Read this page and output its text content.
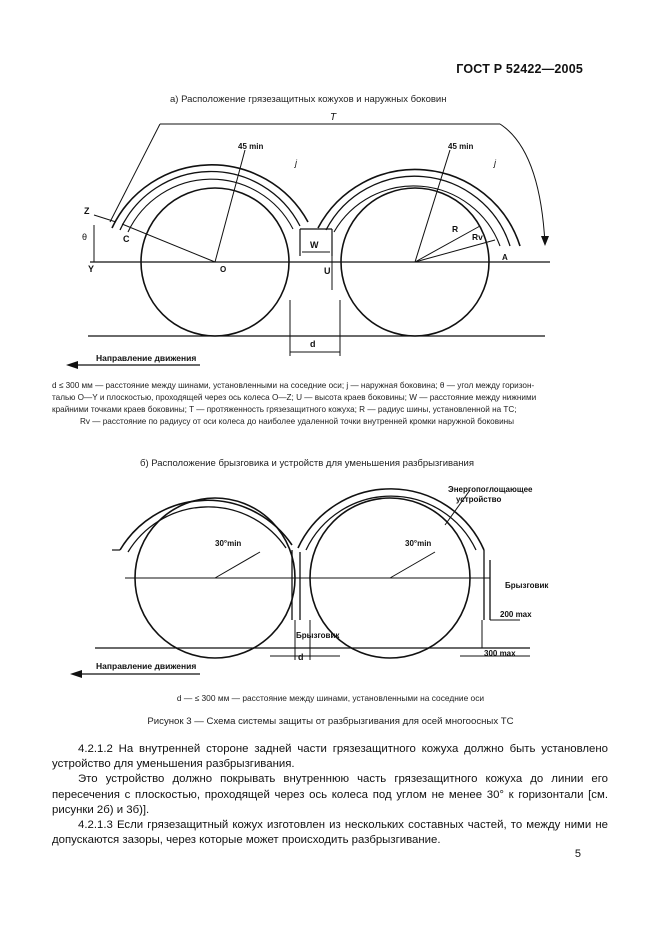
ГОСТ Р 52422—2005
а) Расположение грязезащитных кожухов и наружных боковин
T
45 min	45 min
j	j
Z
C
θ
Y	O
W
U
R
Rv
A
d
Направление движения

d ≤ 300 мм — расстояние между шинами, установленными на соседние оси; j — наружная боковина; θ — угол между горизон-

талью O—Y и плоскостью, проходящей через ось колеса O—Z; U — высота краев боковины; W — расстояние между нижними

крайними точками краев боковины; T — протяженность грязезащитного кожуха; R — радиус шины, установленной на ТС;

Rv — расстояние по радиусу от оси колеса до наиболее удаленной точки внутренней кромки наружной боковины

б) Расположение брызговика и устройств для уменьшения разбрызгивания
Энергопоглощающее
устройство
30°min	30°min
Брызговик
Брызговик
200 max
300 max
d
Направление движения
d — ≤ 300 мм — расстояние между шинами, установленными на соседние оси
Рисунок 3 — Схема системы защиты от разбрызгивания для осей многоосных ТС

4.2.1.2 На внутренней стороне задней части грязезащитного кожуха должно быть установлено устройство для уменьшения разбрызгивания.

Это устройство должно покрывать внутреннюю часть грязезащитного кожуха до линии его пересечения с плоскостью, проходящей через ось колеса под углом не менее 30° к горизонтали [см. рисунки 2б) и 3б)].

4.2.1.3 Если грязезащитный кожух изготовлен из нескольких составных частей, то между ними не допускаются зазоры, через которые может происходить разбрызгивание.

5
